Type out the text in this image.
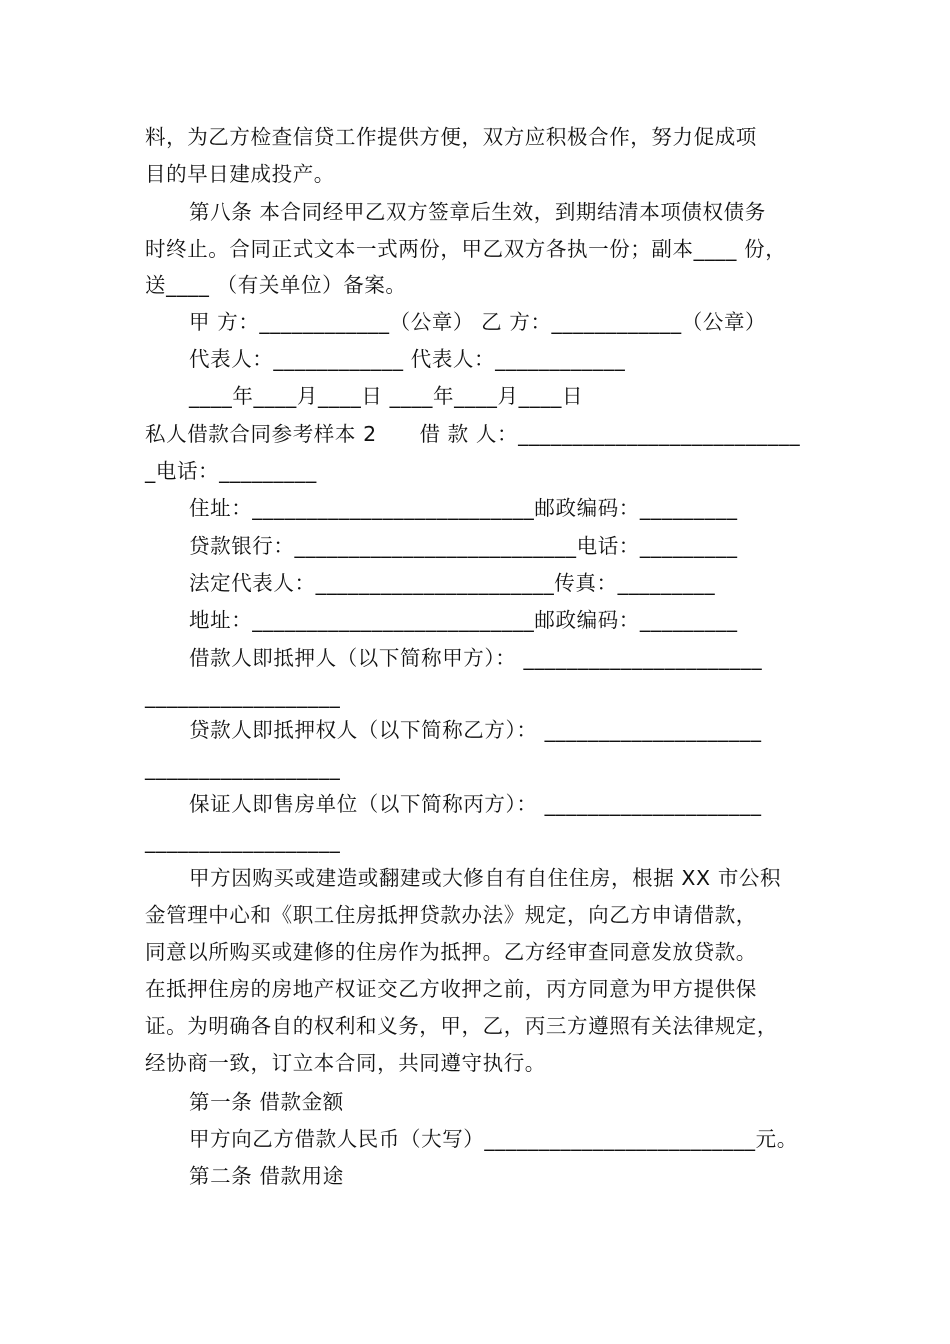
料，为乙方检查信贷工作提供方便，双方应积极合作，努力促成项
目的早日建成投产。
第八条 本合同经甲乙双方签章后生效，到期结清本项债权债务
时终止。合同正式文本一式两份，甲乙双方各执一份；副本____ 份，
送____ （有关单位）备案。
甲 方：____________（公章） 乙 方：____________（公章）
代表人：____________ 代表人：____________
____年____月____日 ____年____月____日
私人借款合同参考样本 2      借 款 人：__________________________
_电话：_________
住址：__________________________邮政编码：_________
贷款银行：__________________________电话：_________
法定代表人：______________________传真：_________
地址：__________________________邮政编码：_________
借款人即抵押人（以下简称甲方）： ______________________
__________________
贷款人即抵押权人（以下简称乙方）： ____________________
__________________
保证人即售房单位（以下简称丙方）： ____________________
__________________
甲方因购买或建造或翻建或大修自有自住住房，根据 XX 市公积
金管理中心和《职工住房抵押贷款办法》规定，向乙方申请借款，
同意以所购买或建修的住房作为抵押。乙方经审查同意发放贷款。
在抵押住房的房地产权证交乙方收押之前，丙方同意为甲方提供保
证。为明确各自的权利和义务，甲，乙，丙三方遵照有关法律规定，
经协商一致，订立本合同，共同遵守执行。
第一条 借款金额
甲方向乙方借款人民币（大写）_________________________元。
第二条 借款用途
